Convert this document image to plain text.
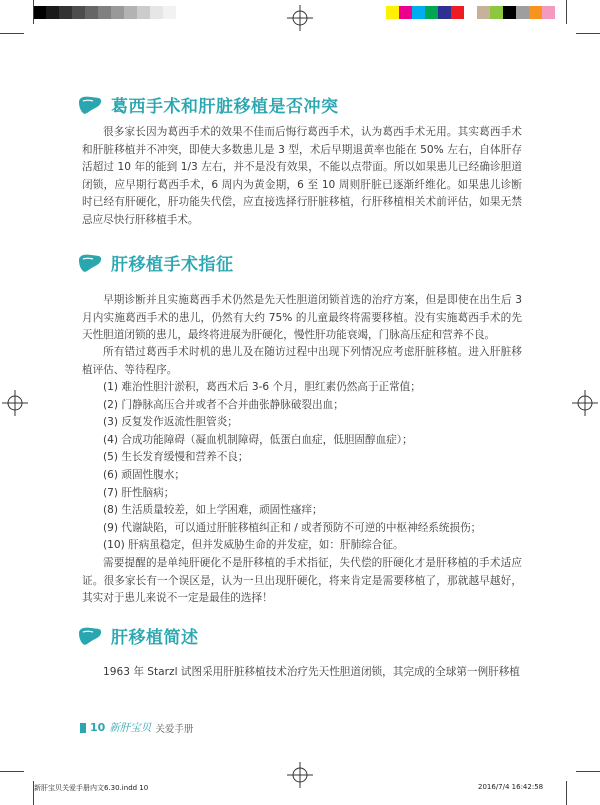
葛西手术和肝脏移植是否冲突

很多家长因为葛西手术的效果不佳而后悔行葛西手术，认为葛西手术无用。其实葛西手术和肝脏移植并不冲突，即使大多数患儿是 3 型，术后早期退黄率也能在 50% 左右，自体肝存活超过 10 年的能到 1/3 左右，并不是没有效果，不能以点带面。所以如果患儿已经确诊胆道闭锁，应早期行葛西手术，6 周内为黄金期，6 至 10 周则肝脏已逐渐纤维化。如果患儿诊断时已经有肝硬化，肝功能失代偿，应直接选择行肝脏移植，行肝移植相关术前评估，如果无禁忌应尽快行肝移植手术。

肝移植手术指征

早期诊断并且实施葛西手术仍然是先天性胆道闭锁首选的治疗方案，但是即使在出生后 3 月内实施葛西手术的患儿，仍然有大约 75% 的儿童最终将需要移植。没有实施葛西手术的先天性胆道闭锁的患儿，最终将进展为肝硬化，慢性肝功能衰竭，门脉高压症和营养不良。

所有错过葛西手术时机的患儿及在随访过程中出现下列情况应考虑肝脏移植。进入肝脏移植评估、等待程序。

(1) 难治性胆汁淤积，葛西术后 3-6 个月，胆红素仍然高于正常值；
(2) 门静脉高压合并或者不合并曲张静脉破裂出血；
(3) 反复发作返流性胆管炎；
(4) 合成功能障碍（凝血机制障碍，低蛋白血症，低胆固醇血症）；
(5) 生长发育缓慢和营养不良；
(6) 顽固性腹水；
(7) 肝性脑病；
(8) 生活质量较差，如上学困难，顽固性瘙痒；
(9) 代谢缺陷，可以通过肝脏移植纠正和 / 或者预防不可逆的中枢神经系统损伤；
(10) 肝病虽稳定，但并发威胁生命的并发症，如：肝肺综合征。

需要提醒的是单纯肝硬化不是肝移植的手术指征，失代偿的肝硬化才是肝移植的手术适应证。很多家长有一个误区是，认为一旦出现肝硬化，将来肯定是需要移植了，那就越早越好，其实对于患儿来说不一定是最佳的选择！

肝移植简述

1963 年 Starzl 试图采用肝脏移植技术治疗先天性胆道闭锁，其完成的全球第一例肝移植

10 新肝宝贝 关爱手册
新肝宝贝关爱手册内文6.30.indd 10	2016/7/4 16:42:58
